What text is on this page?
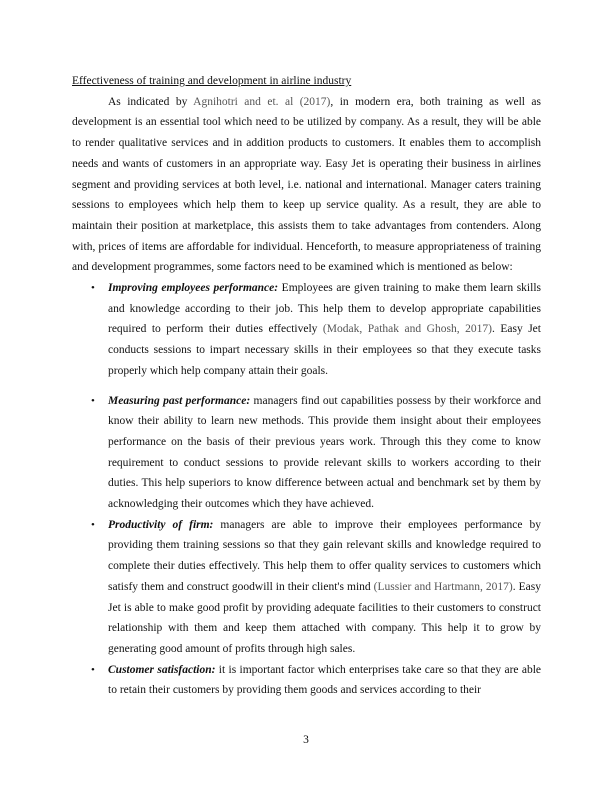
Effectiveness of training and development in airline industry

As indicated by Agnihotri and et. al (2017), in modern era, both training as well as development is an essential tool which need to be utilized by company. As a result, they will be able to render qualitative services and in addition products to customers. It enables them to accomplish needs and wants of customers in an appropriate way. Easy Jet is operating their business in airlines segment and providing services at both level, i.e. national and international. Manager caters training sessions to employees which help them to keep up service quality. As a result, they are able to maintain their position at marketplace, this assists them to take advantages from contenders. Along with, prices of items are affordable for individual. Henceforth, to measure appropriateness of training and development programmes, some factors need to be examined which is mentioned as below:

• Improving employees performance: Employees are given training to make them learn skills and knowledge according to their job. This help them to develop appropriate capabilities required to perform their duties effectively (Modak, Pathak and Ghosh, 2017). Easy Jet conducts sessions to impart necessary skills in their employees so that they execute tasks properly which help company attain their goals.
• Measuring past performance: managers find out capabilities possess by their workforce and know their ability to learn new methods. This provide them insight about their employees performance on the basis of their previous years work. Through this they come to know requirement to conduct sessions to provide relevant skills to workers according to their duties. This help superiors to know difference between actual and benchmark set by them by acknowledging their outcomes which they have achieved.
• Productivity of firm: managers are able to improve their employees performance by providing them training sessions so that they gain relevant skills and knowledge required to complete their duties effectively. This help them to offer quality services to customers which satisfy them and construct goodwill in their client's mind (Lussier and Hartmann, 2017). Easy Jet is able to make good profit by providing adequate facilities to their customers to construct relationship with them and keep them attached with company. This help it to grow by generating good amount of profits through high sales.
• Customer satisfaction: it is important factor which enterprises take care so that they are able to retain their customers by providing them goods and services according to their
3
